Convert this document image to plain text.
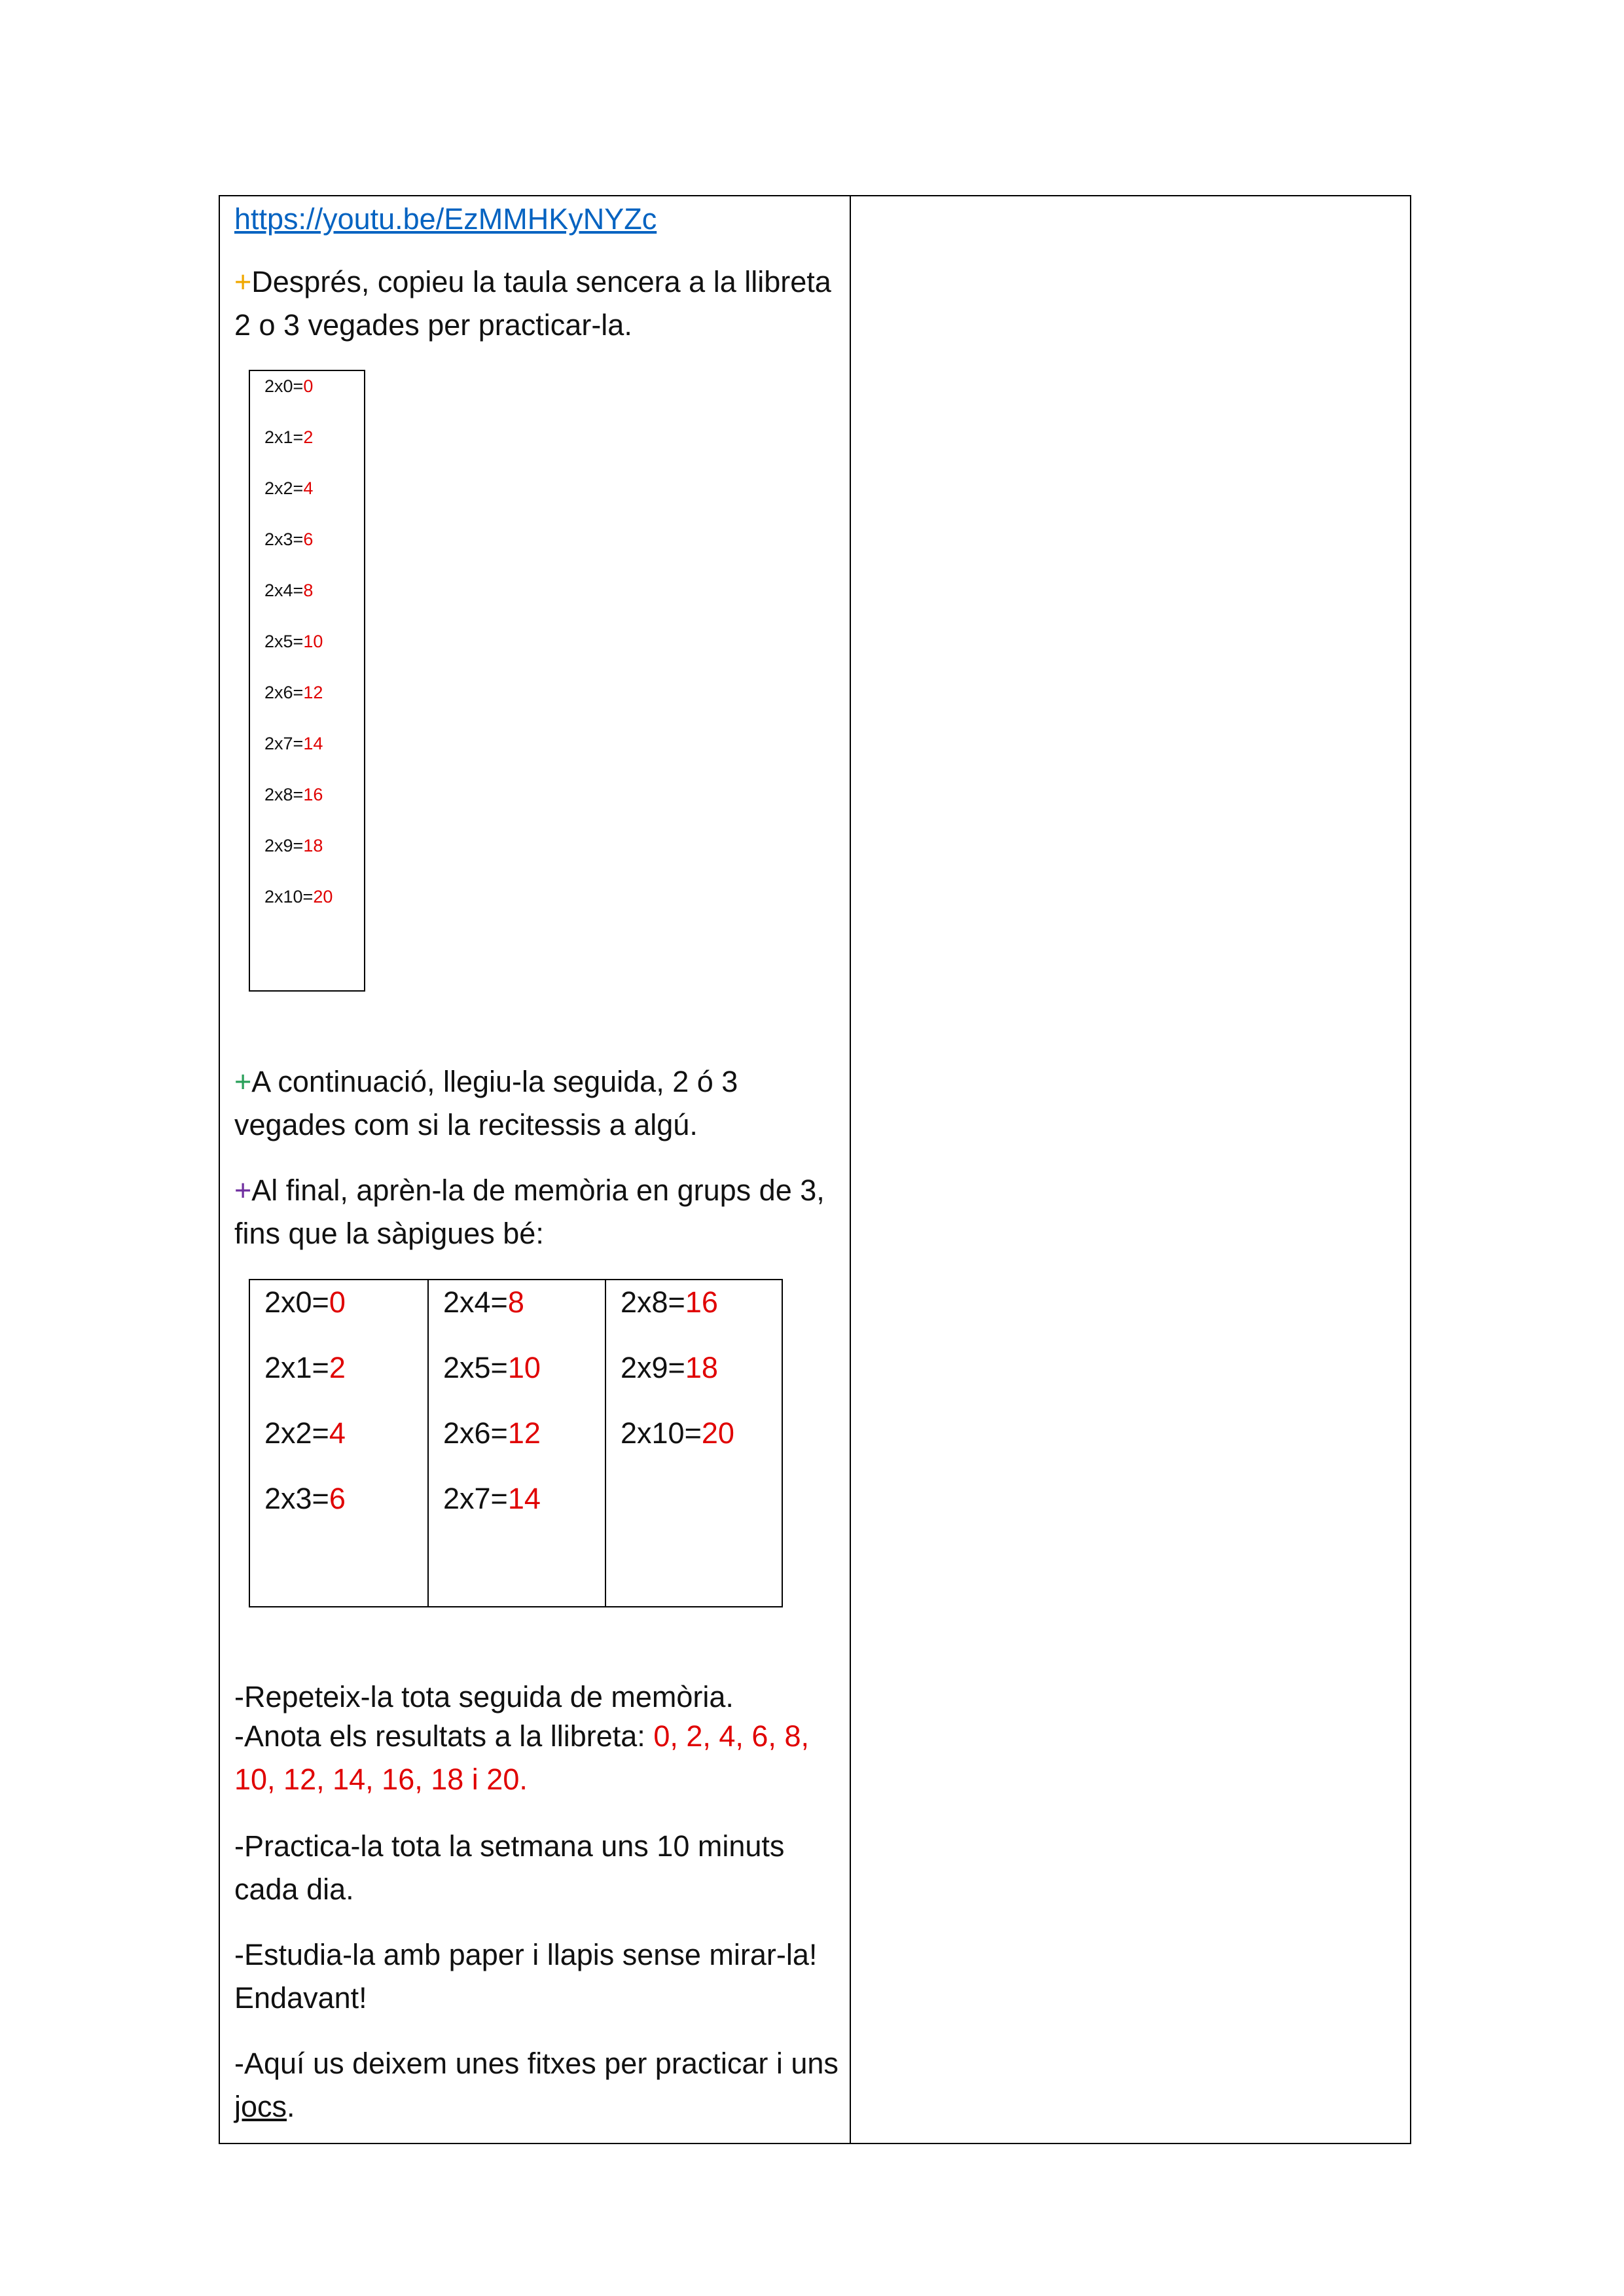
https://youtu.be/EzMMHKyNYZc
+Després, copieu la taula sencera a la llibreta 2 o 3 vegades per practicar-la.
2x0=0
2x1=2
2x2=4
2x3=6
2x4=8
2x5=10
2x6=12
2x7=14
2x8=16
2x9=18
2x10=20
+A continuació, llegiu-la seguida, 2 ó 3 vegades com si la recitessis a algú.
+Al final, aprèn-la de memòria en grups de 3, fins que la sàpigues bé:
2x0=0
2x1=2
2x2=4
2x3=6
2x4=8
2x5=10
2x6=12
2x7=14
2x8=16
2x9=18
2x10=20
-Repeteix-la tota seguida de memòria.
-Anota els resultats a la llibreta: 0, 2, 4, 6, 8, 10, 12, 14, 16, 18 i 20.
-Practica-la tota la setmana uns 10 minuts cada dia.
-Estudia-la amb paper i llapis sense mirar-la! Endavant!
-Aquí us deixem unes fitxes per practicar i uns jocs.
